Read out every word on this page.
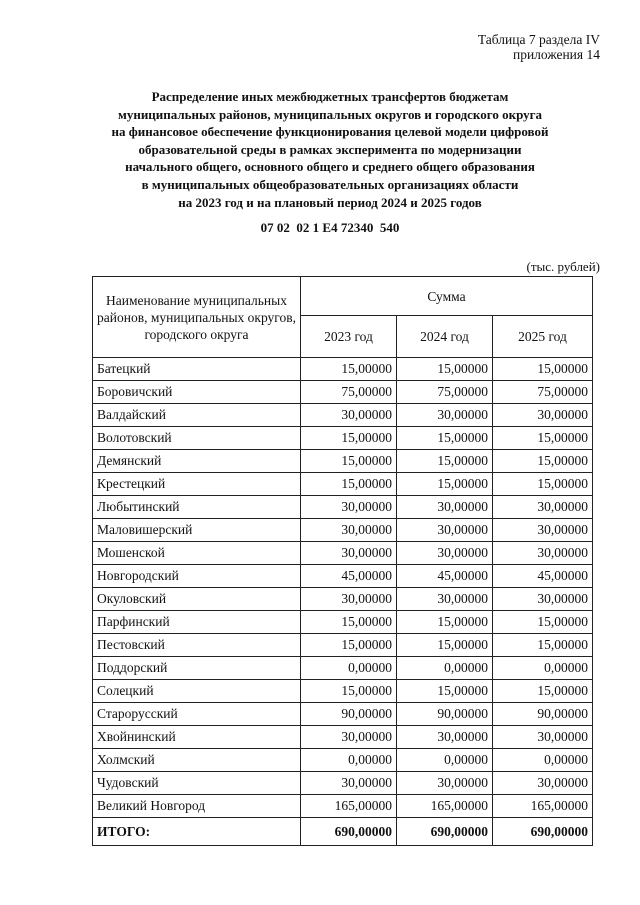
Таблица 7 раздела IV
приложения 14
Распределение иных межбюджетных трансфертов бюджетам
муниципальных районов, муниципальных округов и городского округа
на финансовое обеспечение функционирования целевой модели цифровой
образовательной среды в рамках эксперимента по модернизации
начального общего, основного общего и среднего общего образования
в муниципальных общеобразовательных организациях области
на 2023 год и на плановый период 2024 и 2025 годов
07 02  02 1 E4 72340  540
(тыс. рублей)
Наименование муниципальных районов, муниципальных округов, городского округа	Сумма		
	2023 год	2024 год	2025 год
Батецкий	15,00000	15,00000	15,00000
Боровичский	75,00000	75,00000	75,00000
Валдайский	30,00000	30,00000	30,00000
Волотовский	15,00000	15,00000	15,00000
Демянский	15,00000	15,00000	15,00000
Крестецкий	15,00000	15,00000	15,00000
Любытинский	30,00000	30,00000	30,00000
Маловишерский	30,00000	30,00000	30,00000
Мошенской	30,00000	30,00000	30,00000
Новгородский	45,00000	45,00000	45,00000
Окуловский	30,00000	30,00000	30,00000
Парфинский	15,00000	15,00000	15,00000
Пестовский	15,00000	15,00000	15,00000
Поддорский	0,00000	0,00000	0,00000
Солецкий	15,00000	15,00000	15,00000
Старорусский	90,00000	90,00000	90,00000
Хвойнинский	30,00000	30,00000	30,00000
Холмский	0,00000	0,00000	0,00000
Чудовский	30,00000	30,00000	30,00000
Великий Новгород	165,00000	165,00000	165,00000
ИТОГО:	690,00000	690,00000	690,00000
